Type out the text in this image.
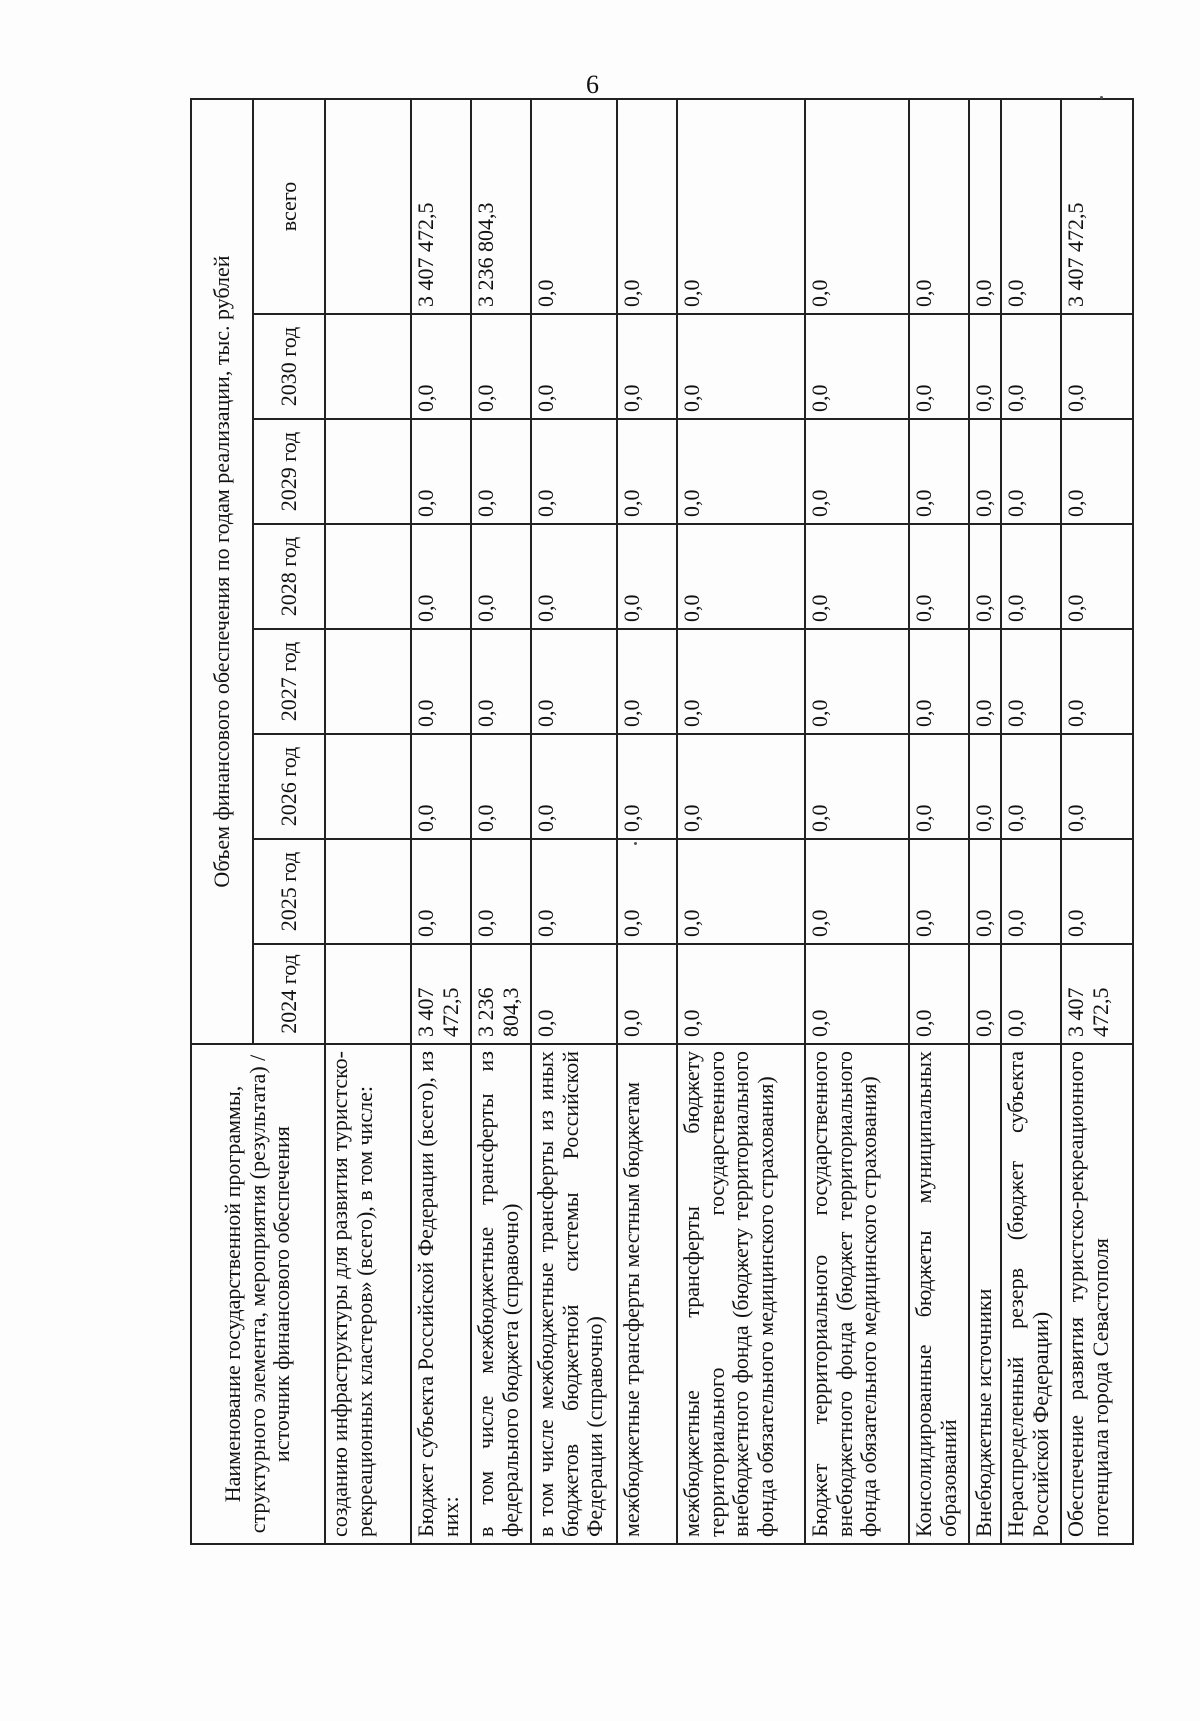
6
Наименование государственной программы, структурного элемента, мероприятия (результата) / источник финансового обеспечения	Объем финансового обеспечения по годам реализации, тыс. рублей							
	2024 год	2025 год	2026 год	2027 год	2028 год	2029 год	2030 год	всего
созданию инфраструктуры для развития туристско-рекреационных кластеров» (всего), в том числе:								
Бюджет субъекта Российской Федерации (всего), из них:	3 407 472,5	0,0	0,0	0,0	0,0	0,0	0,0	3 407 472,5
в том числе межбюджетные трансферты из федерального бюджета (справочно)	3 236 804,3	0,0	0,0	0,0	0,0	0,0	0,0	3 236 804,3
в том числе межбюджетные трансферты из иных бюджетов бюджетной системы Российской Федерации (справочно)	0,0	0,0	0,0	0,0	0,0	0,0	0,0	0,0
межбюджетные трансферты местным бюджетам	0,0	0,0	0,0	0,0	0,0	0,0	0,0	0,0
межбюджетные трансферты бюджету территориального государственного внебюджетного фонда (бюджету территориального фонда обязательного медицинского страхования)	0,0	0,0	0,0	0,0	0,0	0,0	0,0	0,0
Бюджет территориального государственного внебюджетного фонда (бюджет территориального фонда обязательного медицинского страхования)	0,0	0,0	0,0	0,0	0,0	0,0	0,0	0,0
Консолидированные бюджеты муниципальных образований	0,0	0,0	0,0	0,0	0,0	0,0	0,0	0,0
Внебюджетные источники	0,0	0,0	0,0	0,0	0,0	0,0	0,0	0,0
Нераспределенный резерв (бюджет субъекта Российской Федерации)	0,0	0,0	0,0	0,0	0,0	0,0	0,0	0,0
Обеспечение развития туристско-рекреационного потенциала города Севастополя	3 407 472,5	0,0	0,0	0,0	0,0	0,0	0,0	3 407 472,5
